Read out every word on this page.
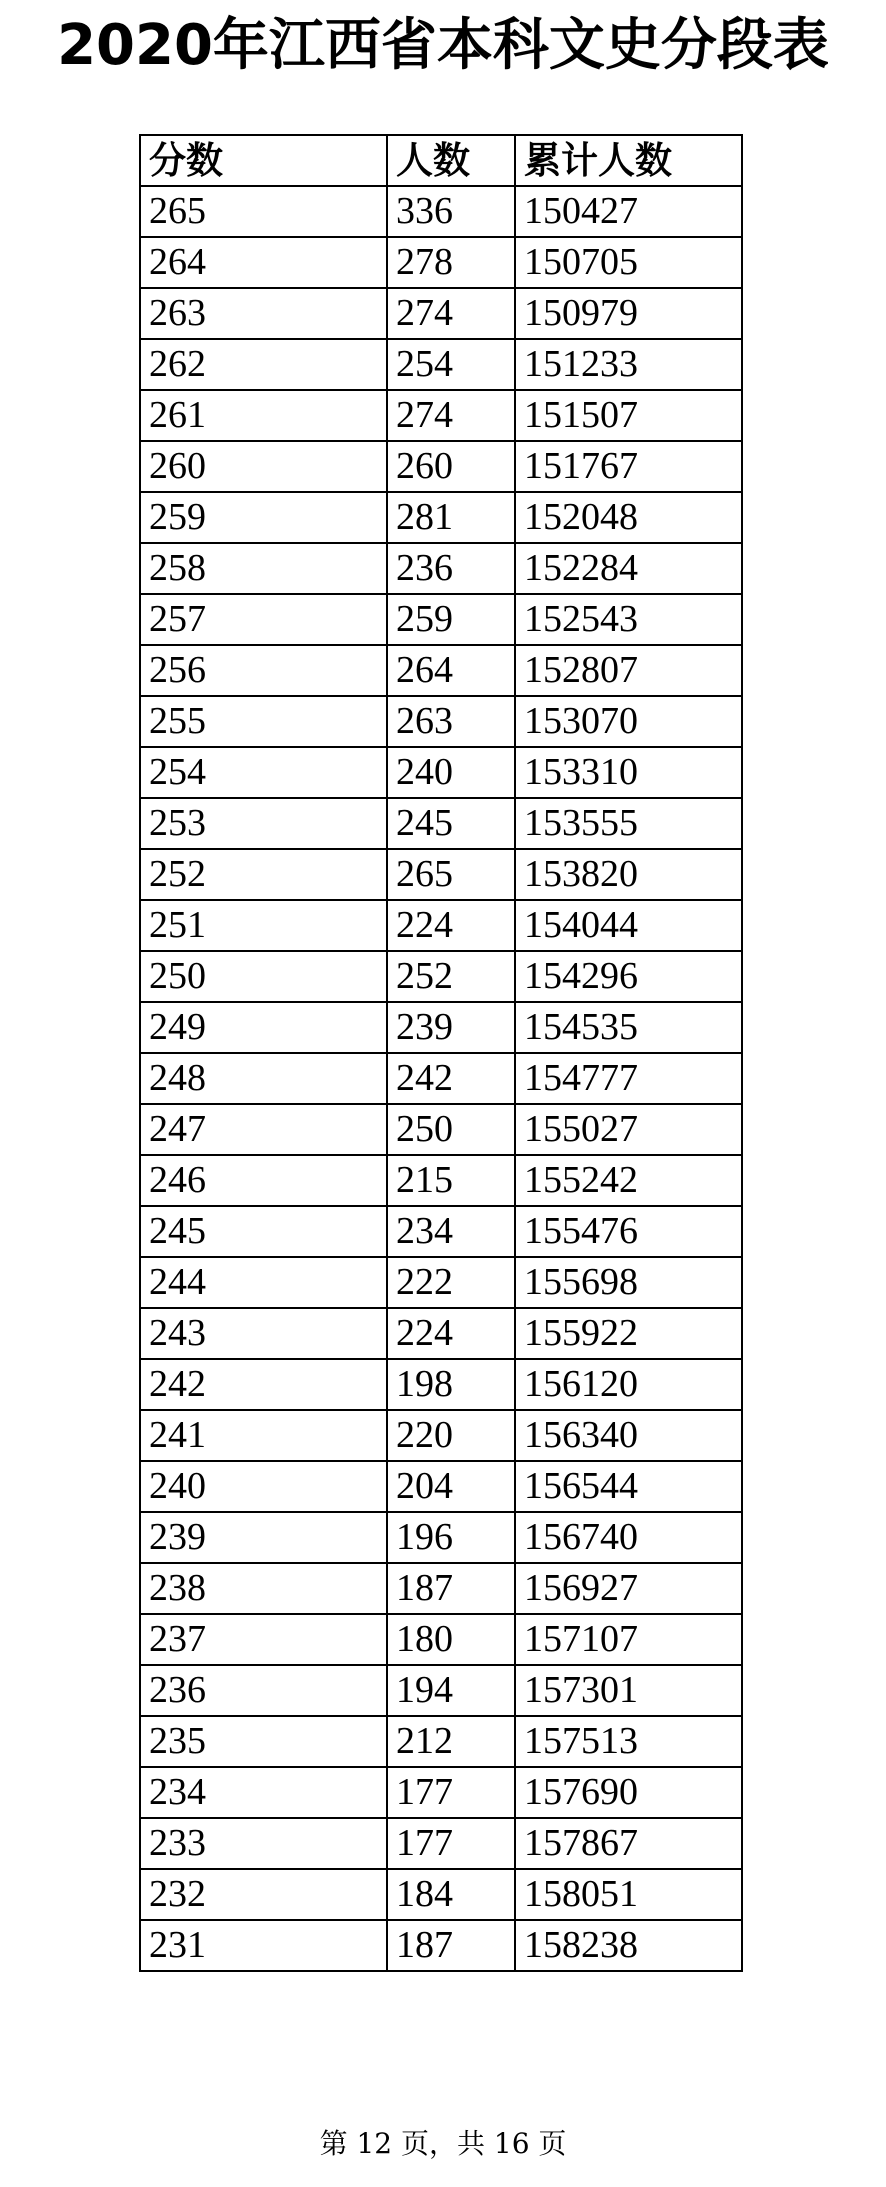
2020年江西省本科文史分段表
分数	人数	累计人数
265	336	150427
264	278	150705
263	274	150979
262	254	151233
261	274	151507
260	260	151767
259	281	152048
258	236	152284
257	259	152543
256	264	152807
255	263	153070
254	240	153310
253	245	153555
252	265	153820
251	224	154044
250	252	154296
249	239	154535
248	242	154777
247	250	155027
246	215	155242
245	234	155476
244	222	155698
243	224	155922
242	198	156120
241	220	156340
240	204	156544
239	196	156740
238	187	156927
237	180	157107
236	194	157301
235	212	157513
234	177	157690
233	177	157867
232	184	158051
231	187	158238
第 12 页，共 16 页
